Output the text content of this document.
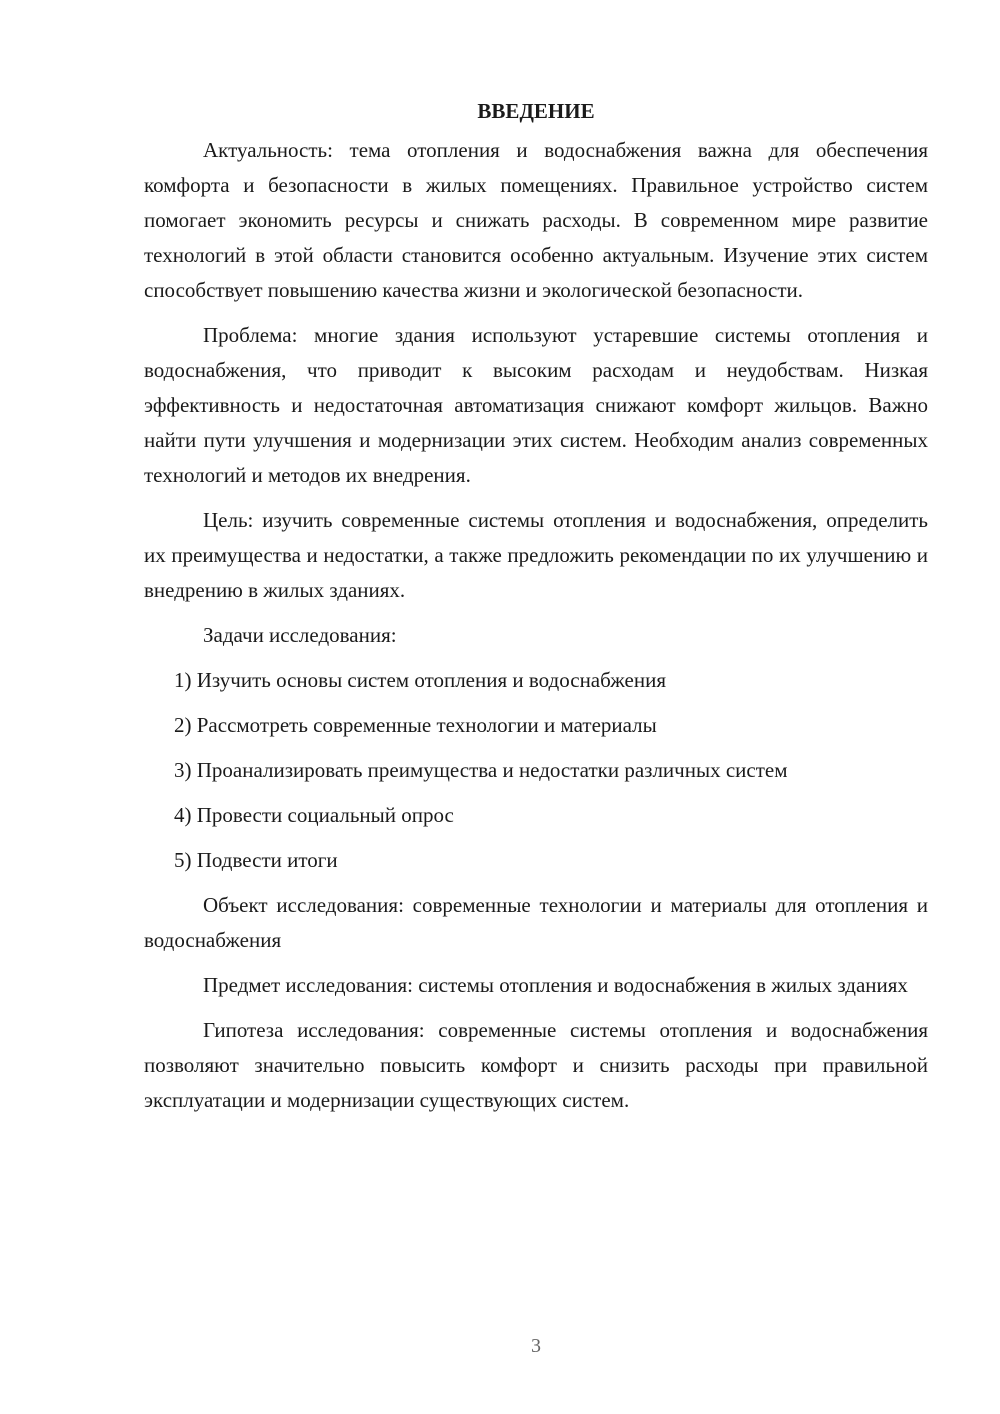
ВВЕДЕНИЕ

Актуальность: тема отопления и водоснабжения важна для обеспечения комфорта и безопасности в жилых помещениях. Правильное устройство систем помогает экономить ресурсы и снижать расходы. В современном мире развитие технологий в этой области становится особенно актуальным. Изучение этих систем способствует повышению качества жизни и экологической безопасности.

Проблема: многие здания используют устаревшие системы отопления и водоснабжения, что приводит к высоким расходам и неудобствам. Низкая эффективность и недостаточная автоматизация снижают комфорт жильцов. Важно найти пути улучшения и модернизации этих систем. Необходим анализ современных технологий и методов их внедрения.

Цель: изучить современные системы отопления и водоснабжения, определить их преимущества и недостатки, а также предложить рекомендации по их улучшению и внедрению в жилых зданиях.

Задачи исследования:

1) Изучить основы систем отопления и водоснабжения
2) Рассмотреть современные технологии и материалы
3) Проанализировать преимущества и недостатки различных систем
4) Провести социальный опрос
5) Подвести итоги

Объект исследования: современные технологии и материалы для отопления и водоснабжения

Предмет исследования: системы отопления и водоснабжения в жилых зданиях

Гипотеза исследования: современные системы отопления и водоснабжения позволяют значительно повысить комфорт и снизить расходы при правильной эксплуатации и модернизации существующих систем.

3
